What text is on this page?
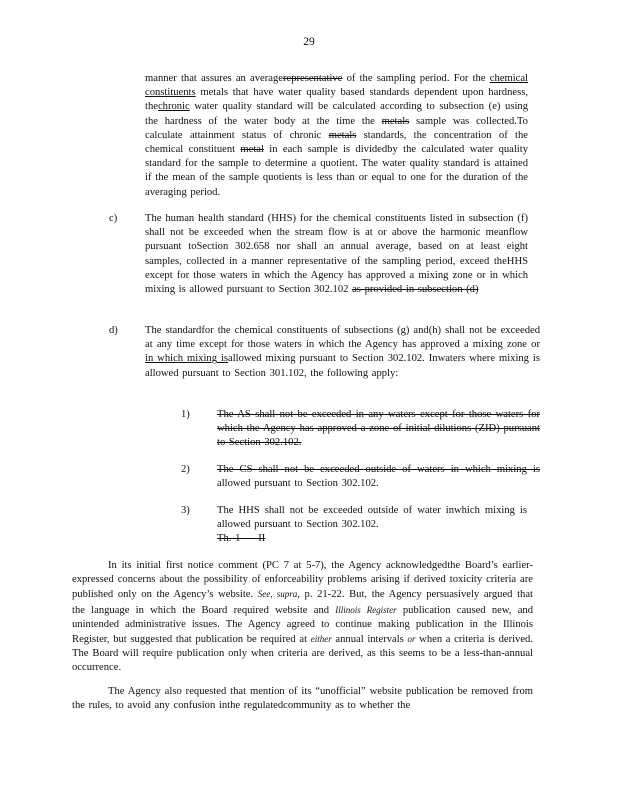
29

manner that assures an averagerepresentative of the sampling period. For the chemical constituents metals that have water quality based standards dependent upon hardness, thechronic water quality standard will be calculated according to subsection (e) using the hardness of the water body at the time the metals sample was collected.To calculate attainment status of chronic metals standards, the concentration of the chemical constituent metal in each sample is dividedby the calculated water quality standard for the sample to determine a quotient. The water quality standard is attained if the mean of the sample quotients is less than or equal to one for the duration of the averaging period.

c)	The human health standard (HHS) for the chemical constituents listed in subsection (f) shall not be exceeded when the stream flow is at or above the harmonic meanflow pursuant toSection 302.658 nor shall an annual average, based on at least eight samples, collected in a manner representative of the sampling period, exceed theHHS except for those waters in which the Agency has approved a mixing zone or in which mixing is allowed pursuant to Section 302.102 as provided in subsection (d)

d)	The standardfor the chemical constituents of subsections (g) and(h) shall not be exceeded at any time except for those waters in which the Agency has approved a mixing zone or in which mixing isallowed mixing pursuant to Section 302.102. Inwaters where mixing is allowed pursuant to Section 301.102, the following apply:

1)	The AS shall not be exceeded in any waters except for those waters for which the Agency has approved a zone of initial dilutions (ZID) pursuant to Section 302.102.

2)	The CS shall not be exceeded outside of waters in which mixing is allowed pursuant to Section 302.102.

3)	The HHS shall not be exceeded outside of water inwhich mixing is allowed pursuant to Section 302.102.
Th. 1 — II

In its initial first notice comment (PC 7 at 5-7), the Agency acknowledgedthe Board’s earlier-expressed concerns about the possibility of enforceability problems arising if derived toxicity criteria are published only on the Agency’s website. See, supra, p. 21-22. But, the Agency persuasively argued that the language in which the Board required website and Illinois Register publication caused new, and unintended administrative issues. The Agency agreed to continue making publication in the Illinois Register, but suggested that publication be required at either annual intervals or when a criteria is derived. The Board will require publication only when criteria are derived, as this seems to be a less-than-annual occurrence.

The Agency also requested that mention of its “unofficial” website publication be removed from the rules, to avoid any confusion inthe regulatedcommunity as to whether the
